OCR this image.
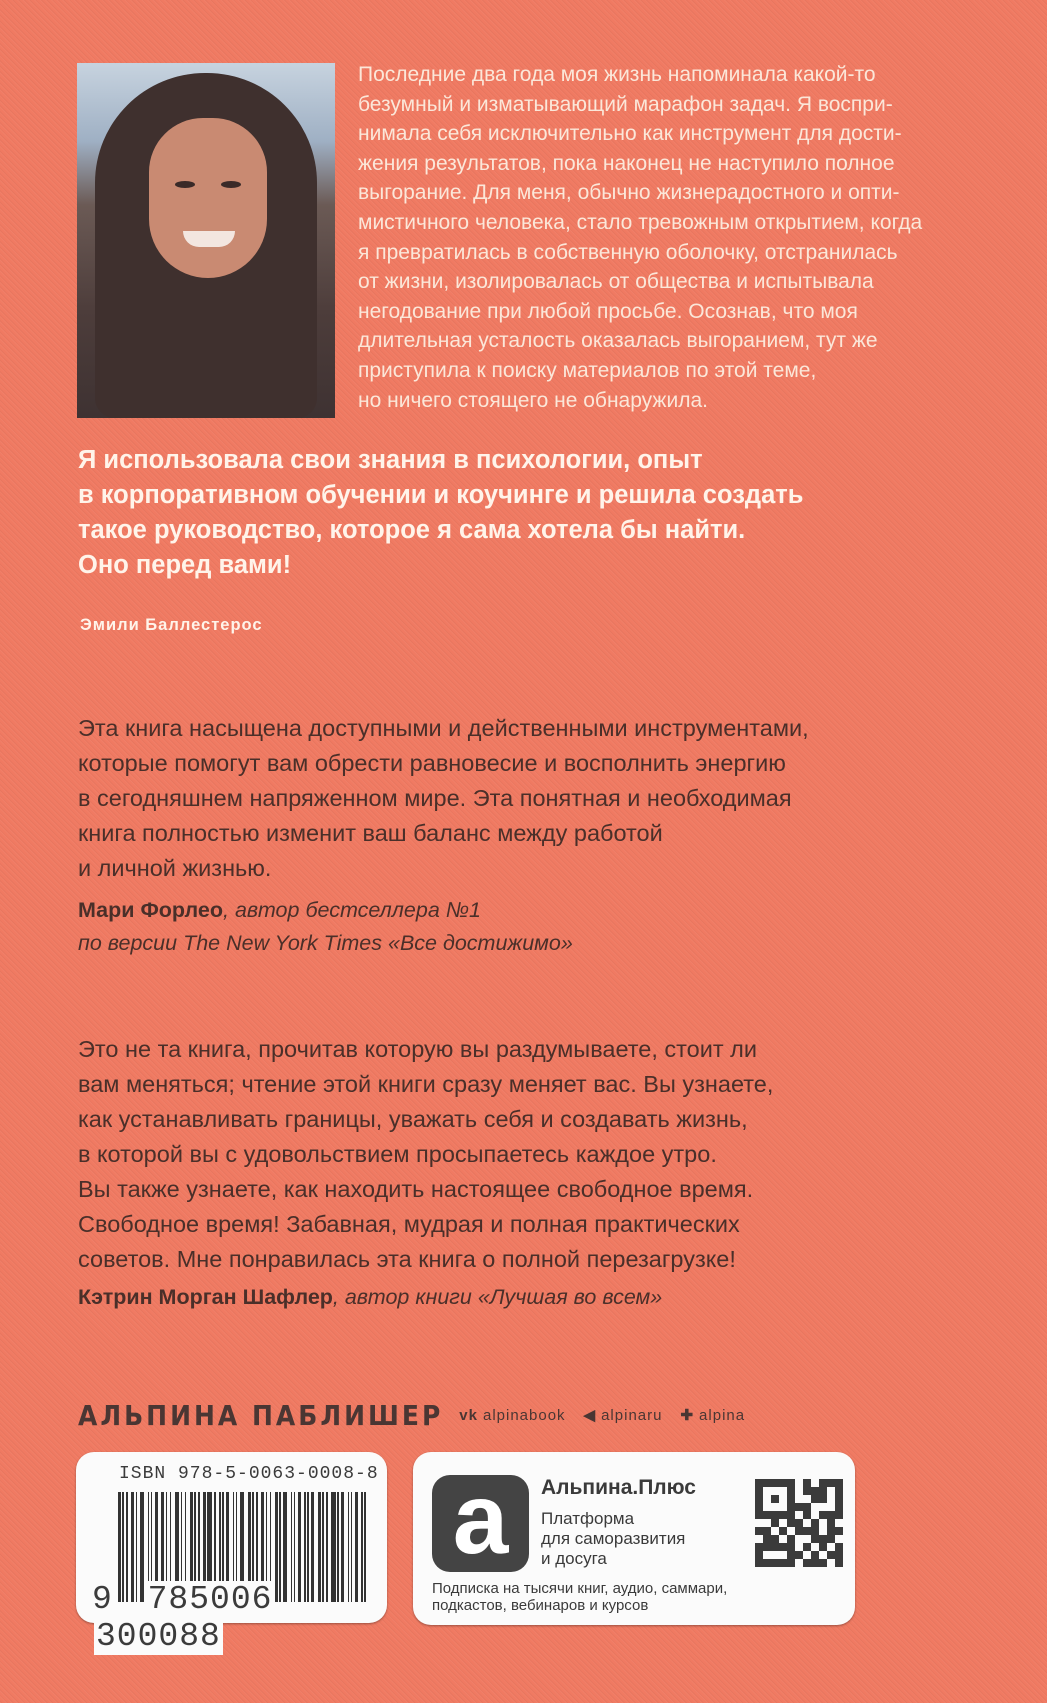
Последние два года моя жизнь напоминала какой-то
безумный и изматывающий марафон задач. Я воспри-
нимала себя исключительно как инструмент для дости-
жения результатов, пока наконец не наступило полное
выгорание. Для меня, обычно жизнерадостного и опти-
мистичного человека, стало тревожным открытием, когда
я превратилась в собственную оболочку, отстранилась
от жизни, изолировалась от общества и испытывала
негодование при любой просьбе. Осознав, что моя
длительная усталость оказалась выгоранием, тут же
приступила к поиску материалов по этой теме,
но ничего стоящего не обнаружила.
Я использовала свои знания в психологии, опыт
в корпоративном обучении и коучинге и решила создать
такое руководство, которое я сама хотела бы найти.
Оно перед вами!
Эмили Баллестерос
Эта книга насыщена доступными и действенными инструментами,
которые помогут вам обрести равновесие и восполнить энергию
в сегодняшнем напряженном мире. Эта понятная и необходимая
книга полностью изменит ваш баланс между работой
и личной жизнью.
Мари Форлео, автор бестселлера №1
по версии The New York Times «Все достижимо»
Это не та книга, прочитав которую вы раздумываете, стоит ли
вам меняться; чтение этой книги сразу меняет вас. Вы узнаете,
как устанавливать границы, уважать себя и создавать жизнь,
в которой вы с удовольствием просыпаетесь каждое утро.
Вы также узнаете, как находить настоящее свободное время.
Свободное время! Забавная, мудрая и полная практических
советов. Мне понравилась эта книга о полной перезагрузке!
Кэтрин Морган Шафлер, автор книги «Лучшая во всем»
АЛЬПИНА ПАБЛИШЕР vk alpinabook ◀ alpinaru ✚ alpina
ISBN 978-5-0063-0008-8
9 785006 300088
a	Альпина.Плюс
Платформа
для саморазвития
и досуга
Подписка на тысячи книг, аудио, саммари,
подкастов, вебинаров и курсов
